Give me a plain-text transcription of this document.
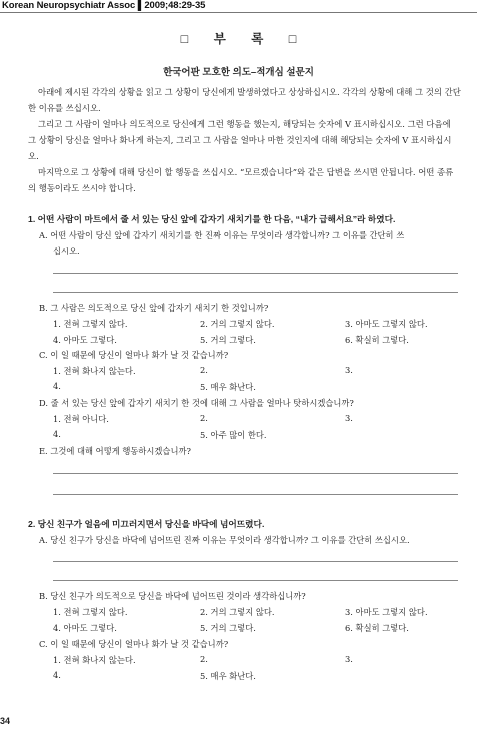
Korean Neuropsychiatr Assoc ▌2009;48:29-35
□ 부 록 □
한국어판 모호한 의도–적개심 설문지

아래에 제시된 각각의 상황을 읽고 그 상황이 당신에게 발생하였다고 상상하십시오. 각각의 상황에 대해 그 것의 간단한 이유를 쓰십시오.

그리고 그 사람이 얼마나 의도적으로 당신에게 그런 행동을 했는지, 해당되는 숫자에 V 표시하십시오. 그런 다음에 그 상황이 당신을 얼마나 화나게 하는지, 그리고 그 사람을 얼마나 마한 것인지에 대해 해당되는 숫자에 V 표시하십시오.

마지막으로 그 상황에 대해 당신이 할 행동을 쓰십시오. “모르겠습니다”와 같은 답변을 쓰시면 안됩니다. 어떤 종류의 행동이라도 쓰시야 합니다.

1. 어떤 사람이 마트에서 줄 서 있는 당신 앞에 갑자기 새치기를 한 다음, “내가 급해서요”라 하였다.
A. 어떤 사람이 당신 앞에 갑자기 새치기를 한 진짜 이유는 무엇이라 생각합니까? 그 이유를 간단히 쓰
십시오.
B. 그 사람은 의도적으로 당신 앞에 갑자기 새치기 한 것입니까?
1. 전혀 그렇지 않다.	2. 거의 그렇지 않다.	3. 아마도 그렇지 않다.
4. 아마도 그렇다.	5. 거의 그렇다.	6. 확실히 그렇다.
C. 이 일 때문에 당신이 얼마나 화가 날 것 같습니까?
1. 전혀 화나지 않는다.	2.	3.
4.	5. 매우 화난다.
D. 줄 서 있는 당신 앞에 갑자기 새치기 한 것에 대해 그 사람을 얼마나 탓하시겠습니까?
1. 전혀 아니다.	2.	3.
4.	5. 아주 많이 한다.
E. 그것에 대해 어떻게 행동하시겠습니까?
2. 당신 친구가 얼음에 미끄러지면서 당신을 바닥에 넘어뜨렸다.
A. 당신 친구가 당신을 바닥에 넘어뜨린 진짜 이유는 무엇이라 생각합니까? 그 이유를 간단히 쓰십시오.
B. 당신 친구가 의도적으로 당신을 바닥에 넘어뜨린 것이라 생각하십니까?
1. 전혀 그렇지 않다.	2. 거의 그렇지 않다.	3. 아마도 그렇지 않다.
4. 아마도 그렇다.	5. 거의 그렇다.	6. 확실히 그렇다.
C. 이 일 때문에 당신이 얼마나 화가 날 것 같습니까?
1. 전혀 화나지 않는다.	2.	3.
4.	5. 매우 화난다.
34
